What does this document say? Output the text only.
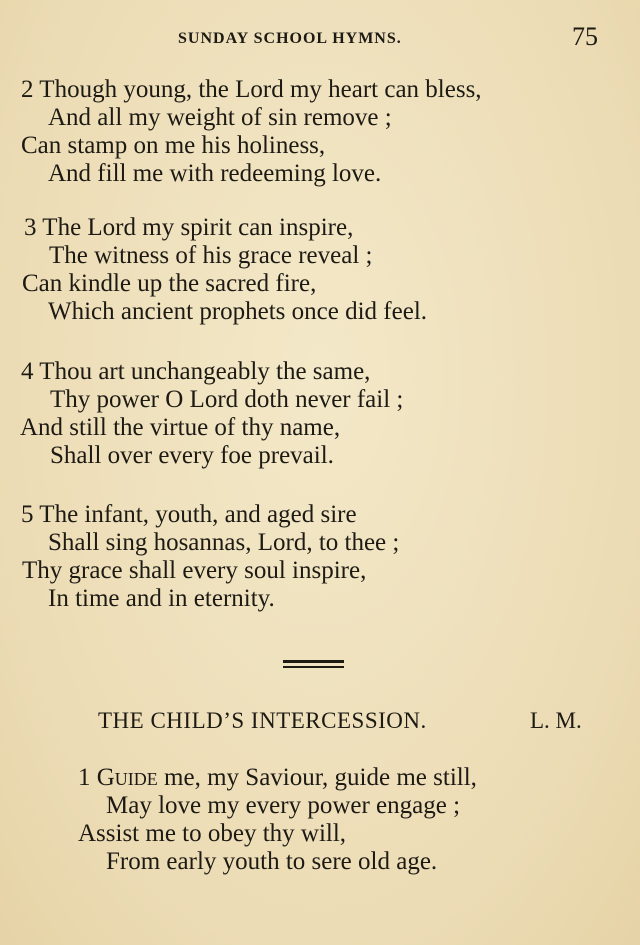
SUNDAY SCHOOL HYMNS.	75
2 Though young, the Lord my heart can bless,
And all my weight of sin remove ;
Can stamp on me his holiness,
And fill me with redeeming love.
3 The Lord my spirit can inspire,
The witness of his grace reveal ;
Can kindle up the sacred fire,
Which ancient prophets once did feel.
4 Thou art unchangeably the same,
Thy power O Lord doth never fail ;
And still the virtue of thy name,
Shall over every foe prevail.
5 The infant, youth, and aged sire
Shall sing hosannas, Lord, to thee ;
Thy grace shall every soul inspire,
In time and in eternity.
THE CHILD’S INTERCESSION.	L. M.
1 Guide me, my Saviour, guide me still,
May love my every power engage ;
Assist me to obey thy will,
From early youth to sere old age.
